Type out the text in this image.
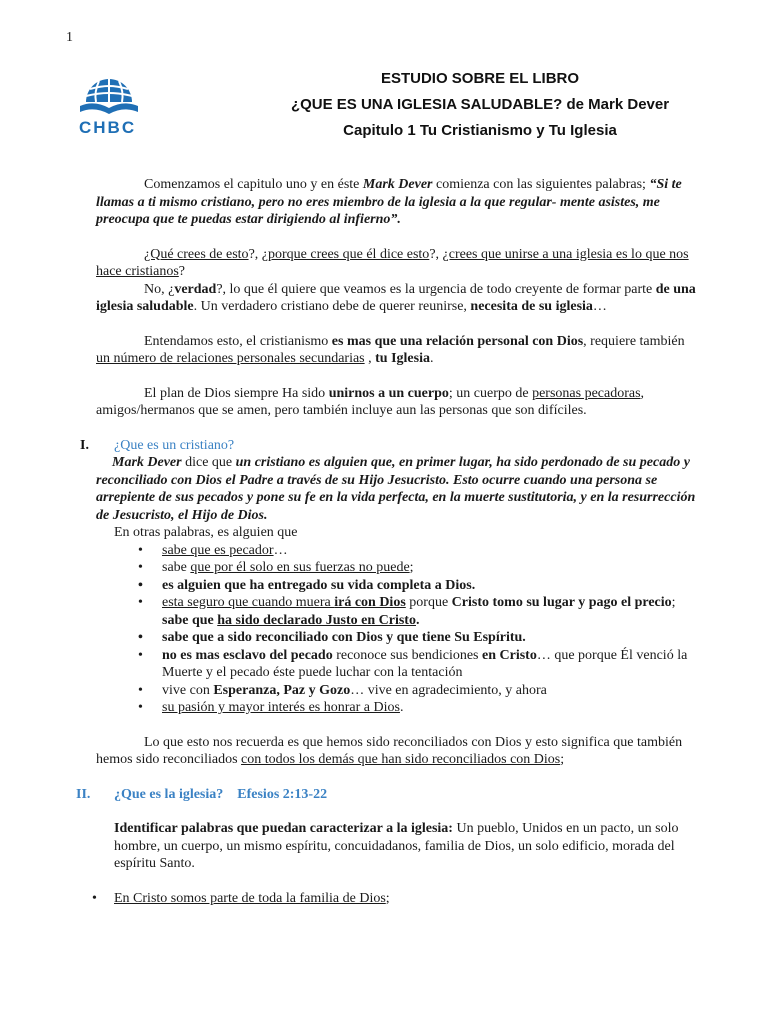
1
CHBC
ESTUDIO SOBRE EL LIBRO
¿QUE ES UNA IGLESIA SALUDABLE? de Mark Dever
Capitulo 1 Tu Cristianismo y Tu Iglesia

Comenzamos el capitulo uno y en éste Mark Dever comienza con las siguientes palabras; “Si te llamas a ti mismo cristiano, pero no eres miembro de la iglesia a la que regular- mente asistes, me preocupa que te puedas estar dirigiendo al infierno”.

¿Qué crees de esto?, ¿porque crees que él dice esto?, ¿crees que unirse a una iglesia es lo que nos hace cristianos?

No, ¿verdad?, lo que él quiere que veamos es la urgencia de todo creyente de formar parte de una iglesia saludable. Un verdadero cristiano debe de querer reunirse, necesita de su iglesia…

Entendamos esto, el cristianismo es mas que una relación personal con Dios, requiere también un número de relaciones personales secundarias , tu Iglesia.

El plan de Dios siempre Ha sido unirnos a un cuerpo; un cuerpo de personas pecadoras, amigos/hermanos que se amen, pero también incluye aun las personas que son difíciles.

I.	¿Que es un cristiano?

Mark Dever dice que un cristiano es alguien que, en primer lugar, ha sido perdonado de su pecado y reconciliado con Dios el Padre a través de su Hijo Jesucristo. Esto ocurre cuando una persona se arrepiente de sus pecados y pone su fe en la vida perfecta, en la muerte sustitutoria, y en la resurrección de Jesucristo, el Hijo de Dios.

En otras palabras, es alguien que

• sabe que es pecador…
• sabe que por él solo en sus fuerzas no puede;
• es alguien que ha entregado su vida completa a Dios.
• esta seguro que cuando muera irá con Dios porque Cristo tomo su lugar y pago el precio; sabe que ha sido declarado Justo en Cristo.
• sabe que a sido reconciliado con Dios y que tiene Su Espíritu.
• no es mas esclavo del pecado reconoce sus bendiciones en Cristo… que porque Él venció la Muerte y el pecado éste puede luchar con la tentación
• vive con Esperanza, Paz y Gozo… vive en agradecimiento, y ahora
• su pasión y mayor interés es honrar a Dios.

Lo que esto nos recuerda es que hemos sido reconciliados con Dios y esto significa que también hemos sido reconciliados con todos los demás que han sido reconciliados con Dios;

II.	¿Que es la iglesia?    Efesios 2:13-22

Identificar palabras que puedan caracterizar a la iglesia: Un pueblo, Unidos en un pacto, un solo hombre, un cuerpo, un mismo espíritu, concuidadanos, familia de Dios, un solo edificio, morada del espíritu Santo.

• En Cristo somos parte de toda la familia de Dios;
